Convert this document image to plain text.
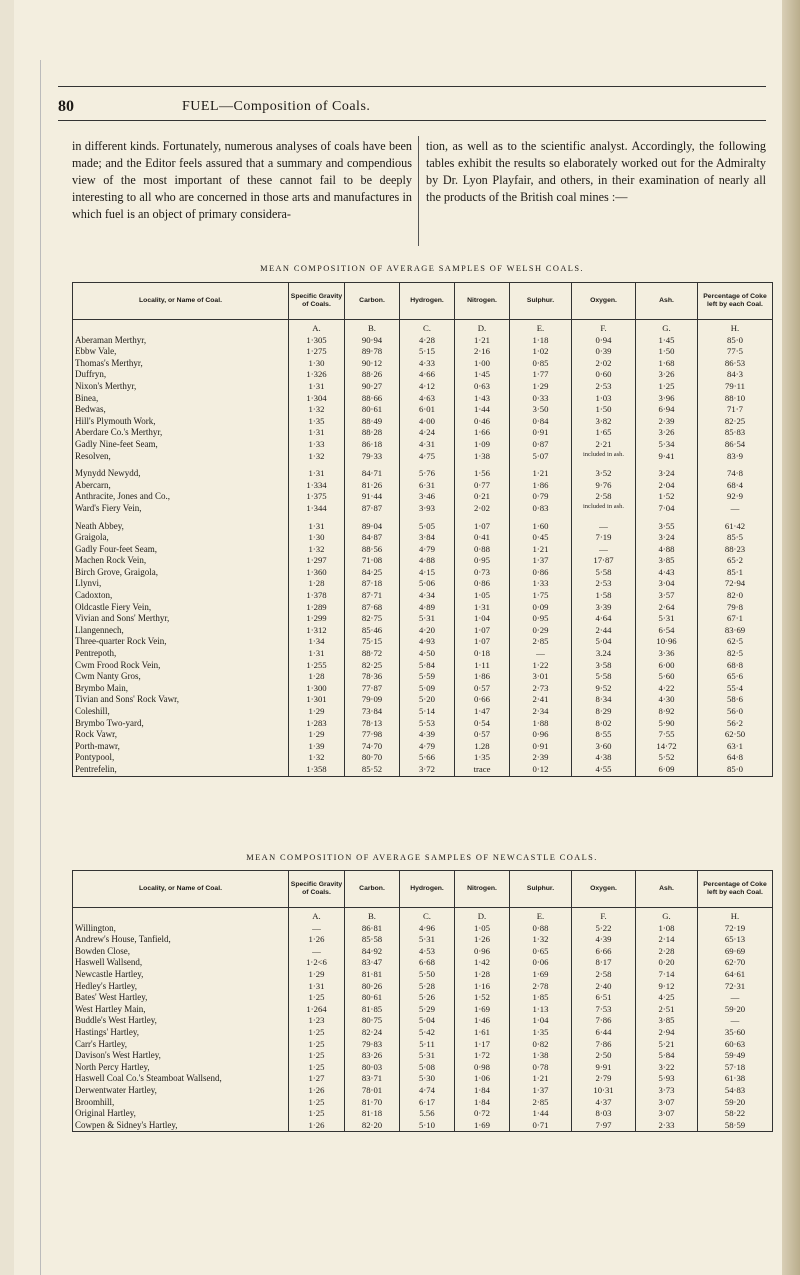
80	FUEL—Composition of Coals.
in different kinds. Fortunately, numerous analyses of coals have been made; and the Editor feels assured that a summary and compendious view of the most important of these cannot fail to be deeply interesting to all who are concerned in those arts and manufactures in which fuel is an object of primary considera-
tion, as well as to the scientific analyst. Accordingly, the following tables exhibit the results so elaborately worked out for the Admiralty by Dr. Lyon Playfair, and others, in their examination of nearly all the products of the British coal mines :—
MEAN COMPOSITION OF AVERAGE SAMPLES OF WELSH COALS.
Locality, or Name of Coal.	Specific Gravity of Coals.	Carbon.	Hydrogen.	Nitrogen.	Sulphur.	Oxygen.	Ash.	Percentage of Coke left by each Coal.
	A.	B.	C.	D.	E.	F.	G.	H.
Aberaman Merthyr,	1·305	90·94	4·28	1·21	1·18	0·94	1·45	85·0
Ebbw Vale,	1·275	89·78	5·15	2·16	1·02	0·39	1·50	77·5
Thomas's Merthyr,	1·30	90·12	4·33	1·00	0·85	2·02	1·68	86·53
Duffryn,	1·326	88·26	4·66	1·45	1·77	0·60	3·26	84·3
Nixon's Merthyr,	1·31	90·27	4·12	0·63	1·29	2·53	1·25	79·11
Binea,	1·304	88·66	4·63	1·43	0·33	1·03	3·96	88·10
Bedwas,	1·32	80·61	6·01	1·44	3·50	1·50	6·94	71·7
Hill's Plymouth Work,	1·35	88·49	4·00	0·46	0·84	3·82	2·39	82·25
Aberdare Co.'s Merthyr,	1·31	88·28	4·24	1·66	0·91	1·65	3·26	85·83
Gadly Nine-feet Seam,	1·33	86·18	4·31	1·09	0·87	2·21	5·34	86·54
Resolven,	1·32	79·33	4·75	1·38	5·07	included in ash.	9·41	83·9

Mynydd Newydd,	1·31	84·71	5·76	1·56	1·21	3·52	3·24	74·8
Abercarn,	1·334	81·26	6·31	0·77	1·86	9·76	2·04	68·4
Anthracite, Jones and Co.,	1·375	91·44	3·46	0·21	0·79	2·58	1·52	92·9
Ward's Fiery Vein,	1·344	87·87	3·93	2·02	0·83	included in ash.	7·04	—

Neath Abbey,	1·31	89·04	5·05	1·07	1·60	—	3·55	61·42
Graigola,	1·30	84·87	3·84	0·41	0·45	7·19	3·24	85·5
Gadly Four-feet Seam,	1·32	88·56	4·79	0·88	1·21	—	4·88	88·23
Machen Rock Vein,	1·297	71·08	4·88	0·95	1·37	17·87	3·85	65·2
Birch Grove, Graigola,	1·360	84·25	4·15	0·73	0·86	5·58	4·43	85·1
Llynvi,	1·28	87·18	5·06	0·86	1·33	2·53	3·04	72·94
Cadoxton,	1·378	87·71	4·34	1·05	1·75	1·58	3·57	82·0
Oldcastle Fiery Vein,	1·289	87·68	4·89	1·31	0·09	3·39	2·64	79·8
Vivian and Sons' Merthyr,	1·299	82·75	5·31	1·04	0·95	4·64	5·31	67·1
Llangennech,	1·312	85·46	4·20	1·07	0·29	2·44	6·54	83·69
Three-quarter Rock Vein,	1·34	75·15	4·93	1·07	2·85	5·04	10·96	62·5
Pentrepoth,	1·31	88·72	4·50	0·18	—	3.24	3·36	82·5
Cwm Frood Rock Vein,	1·255	82·25	5·84	1·11	1·22	3·58	6·00	68·8
Cwm Nanty Gros,	1·28	78·36	5·59	1·86	3·01	5·58	5·60	65·6
Brymbo Main,	1·300	77·87	5·09	0·57	2·73	9·52	4·22	55·4
Tivian and Sons' Rock Vawr,	1·301	79·09	5·20	0·66	2·41	8·34	4·30	58·6
Coleshill,	1·29	73·84	5·14	1·47	2·34	8·29	8·92	56·0
Brymbo Two-yard,	1·283	78·13	5·53	0·54	1·88	8·02	5·90	56·2
Rock Vawr,	1·29	77·98	4·39	0·57	0·96	8·55	7·55	62·50
Porth-mawr,	1·39	74·70	4·79	1.28	0·91	3·60	14·72	63·1
Pontypool,	1·32	80·70	5·66	1·35	2·39	4·38	5·52	64·8
Pentrefelin,	1·358	85·52	3·72	trace	0·12	4·55	6·09	85·0
MEAN COMPOSITION OF AVERAGE SAMPLES OF NEWCASTLE COALS.
Locality, or Name of Coal.	Specific Gravity of Coals.	Carbon.	Hydrogen.	Nitrogen.	Sulphur.	Oxygen.	Ash.	Percentage of Coke left by each Coal.
	A.	B.	C.	D.	E.	F.	G.	H.
Willington,	—	86·81	4·96	1·05	0·88	5·22	1·08	72·19
Andrew's House, Tanfield,	1·26	85·58	5·31	1·26	1·32	4·39	2·14	65·13
Bowden Close,	—	84·92	4·53	0·96	0·65	6·66	2·28	69·69
Haswell Wallsend,	1·2<6	83·47	6·68	1·42	0·06	8·17	0·20	62·70
Newcastle Hartley,	1·29	81·81	5·50	1·28	1·69	2·58	7·14	64·61
Hedley's Hartley,	1·31	80·26	5·28	1·16	2·78	2·40	9·12	72·31
Bates' West Hartley,	1·25	80·61	5·26	1·52	1·85	6·51	4·25	—
West Hartley Main,	1·264	81·85	5·29	1·69	1·13	7·53	2·51	59·20
Buddle's West Hartley,	1·23	80·75	5·04	1·46	1·04	7·86	3·85	—
Hastings' Hartley,	1·25	82·24	5·42	1·61	1·35	6·44	2·94	35·60
Carr's Hartley,	1·25	79·83	5·11	1·17	0·82	7·86	5·21	60·63
Davison's West Hartley,	1·25	83·26	5·31	1·72	1·38	2·50	5·84	59·49
North Percy Hartley,	1·25	80·03	5·08	0·98	0·78	9·91	3·22	57·18
Haswell Coal Co.'s Steamboat Wallsend,	1·27	83·71	5·30	1·06	1·21	2·79	5·93	61·38
Derwentwater Hartley,	1·26	78·01	4·74	1·84	1·37	10·31	3·73	54·83
Broomhill,	1·25	81·70	6·17	1·84	2·85	4·37	3·07	59·20
Original Hartley,	1·25	81·18	5.56	0·72	1·44	8·03	3·07	58·22
Cowpen & Sidney's Hartley,	1·26	82·20	5·10	1·69	0·71	7·97	2·33	58·59
